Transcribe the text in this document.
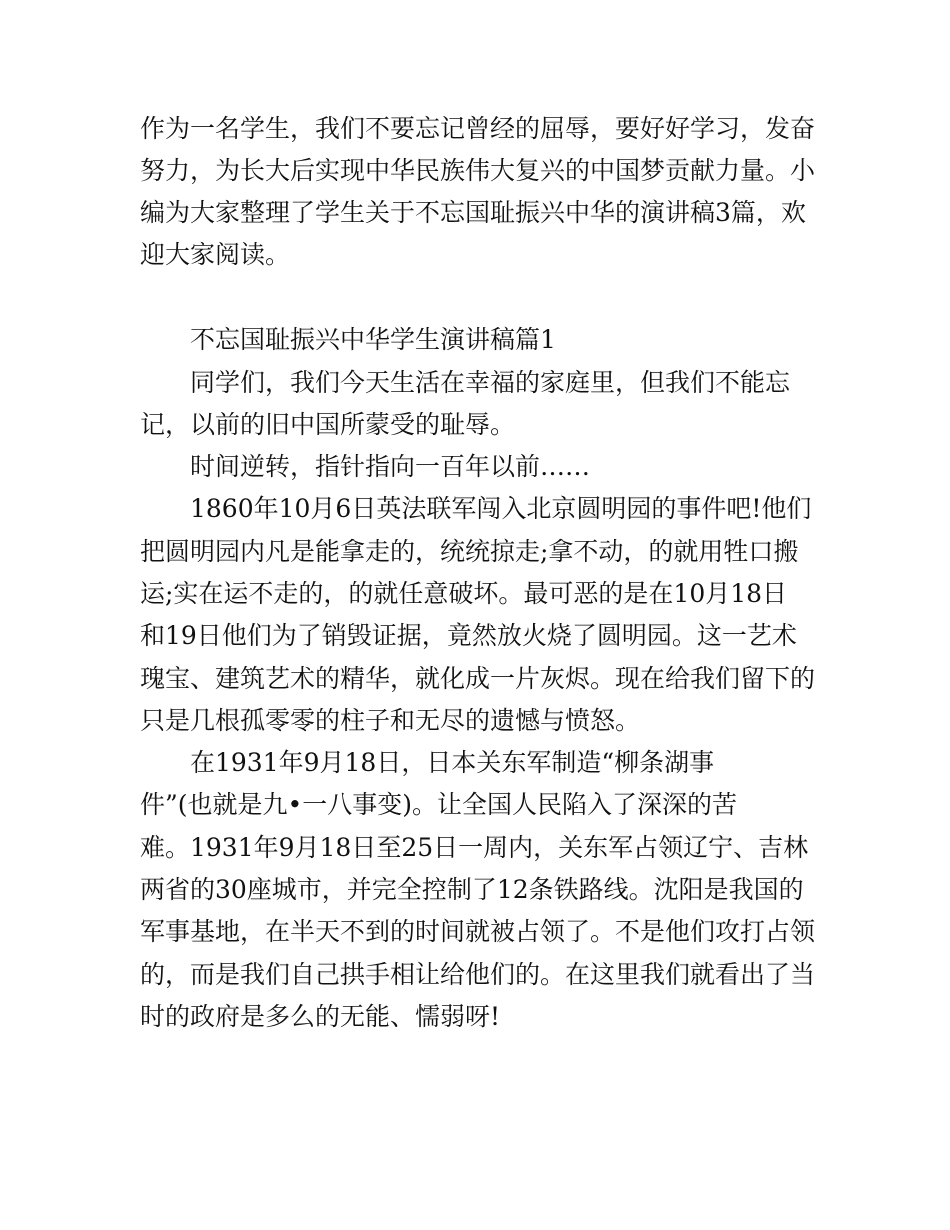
作为一名学生，我们不要忘记曾经的屈辱，要好好学习，发奋
努力，为长大后实现中华民族伟大复兴的中国梦贡献力量。小
编为大家整理了学生关于不忘国耻振兴中华的演讲稿3篇，欢
迎大家阅读。
不忘国耻振兴中华学生演讲稿篇1
同学们，我们今天生活在幸福的家庭里，但我们不能忘
记，以前的旧中国所蒙受的耻辱。
时间逆转，指针指向一百年以前……
1860年10月6日英法联军闯入北京圆明园的事件吧!他们
把圆明园内凡是能拿走的，统统掠走;拿不动，的就用牲口搬
运;实在运不走的，的就任意破坏。最可恶的是在10月18日
和19日他们为了销毁证据，竟然放火烧了圆明园。这一艺术
瑰宝、建筑艺术的精华，就化成一片灰烬。现在给我们留下的
只是几根孤零零的柱子和无尽的遗憾与愤怒。
在1931年9月18日，日本关东军制造“柳条湖事
件”(也就是九•一八事变)。让全国人民陷入了深深的苦
难。1931年9月18日至25日一周内，关东军占领辽宁、吉林
两省的30座城市，并完全控制了12条铁路线。沈阳是我国的
军事基地，在半天不到的时间就被占领了。不是他们攻打占领
的，而是我们自己拱手相让给他们的。在这里我们就看出了当
时的政府是多么的无能、懦弱呀!
